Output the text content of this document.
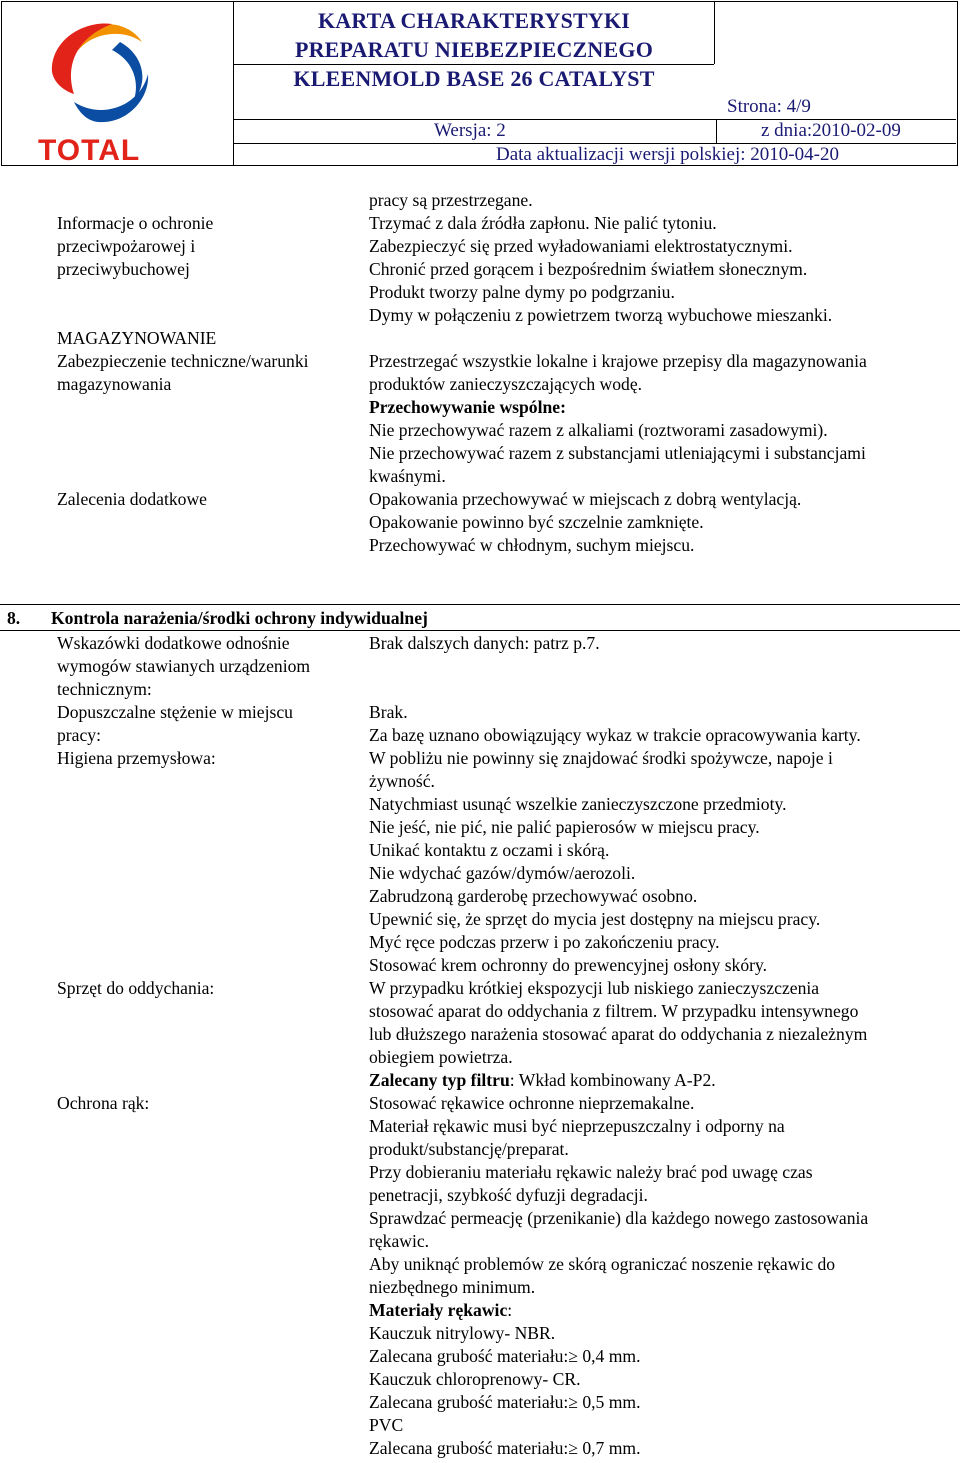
TOTAL
KARTA CHARAKTERYSTYKI
PREPARATU NIEBEZPIECZNEGO
KLEENMOLD BASE 26 CATALYST
Strona: 4/9
Wersja: 2	z dnia:2010-02-09
Data aktualizacji wersji polskiej: 2010-04-20
Informacje o ochronie
przeciwpożarowej i
przeciwybuchowej
MAGAZYNOWANIE
Zabezpieczenie techniczne/warunki
magazynowania
Zalecenia dodatkowe
pracy są przestrzegane.
Trzymać z dala źródła zapłonu. Nie palić tytoniu.
Zabezpieczyć się przed wyładowaniami elektrostatycznymi.
Chronić przed gorącem i bezpośrednim światłem słonecznym.
Produkt tworzy palne dymy po podgrzaniu.
Dymy w połączeniu z powietrzem tworzą wybuchowe mieszanki.
Przestrzegać wszystkie lokalne i krajowe przepisy dla magazynowania
produktów zanieczyszczających wodę.
Przechowywanie wspólne:
Nie przechowywać razem z alkaliami (roztworami zasadowymi).
Nie przechowywać razem z substancjami utleniającymi i substancjami
kwaśnymi.
Opakowania przechowywać w miejscach z dobrą wentylacją.
Opakowanie powinno być szczelnie zamknięte.
Przechowywać w chłodnym, suchym miejscu.
8. Kontrola narażenia/środki ochrony indywidualnej
Wskazówki dodatkowe odnośnie
wymogów stawianych urządzeniom
technicznym:
Dopuszczalne stężenie w miejscu
pracy:
Higiena przemysłowa:
Sprzęt do oddychania:
Ochrona rąk:
Brak dalszych danych: patrz p.7.
Brak.
Za bazę uznano obowiązujący wykaz w trakcie opracowywania karty.
W pobliżu nie powinny się znajdować środki spożywcze, napoje i
żywność.
Natychmiast usunąć wszelkie zanieczyszczone przedmioty.
Nie jeść, nie pić, nie palić papierosów w miejscu pracy.
Unikać kontaktu z oczami i skórą.
Nie wdychać gazów/dymów/aerozoli.
Zabrudzoną garderobę przechowywać osobno.
Upewnić się, że sprzęt do mycia jest dostępny na miejscu pracy.
Myć ręce podczas przerw i po zakończeniu pracy.
Stosować krem ochronny do prewencyjnej osłony skóry.
W przypadku krótkiej ekspozycji lub niskiego zanieczyszczenia
stosować aparat do oddychania z filtrem. W przypadku intensywnego
lub dłuższego narażenia stosować aparat do oddychania z niezależnym
obiegiem powietrza.
Zalecany typ filtru: Wkład kombinowany A-P2.
Stosować rękawice ochronne nieprzemakalne.
Materiał rękawic musi być nieprzepuszczalny i odporny na
produkt/substancję/preparat.
Przy dobieraniu materiału rękawic należy brać pod uwagę czas
penetracji, szybkość dyfuzji degradacji.
Sprawdzać permeację (przenikanie) dla każdego nowego zastosowania
rękawic.
Aby uniknąć problemów ze skórą ograniczać noszenie rękawic do
niezbędnego minimum.
Materiały rękawic:
Kauczuk nitrylowy- NBR.
Zalecana grubość materiału:≥ 0,4 mm.
Kauczuk chloroprenowy- CR.
Zalecana grubość materiału:≥ 0,5 mm.
PVC
Zalecana grubość materiału:≥ 0,7 mm.
